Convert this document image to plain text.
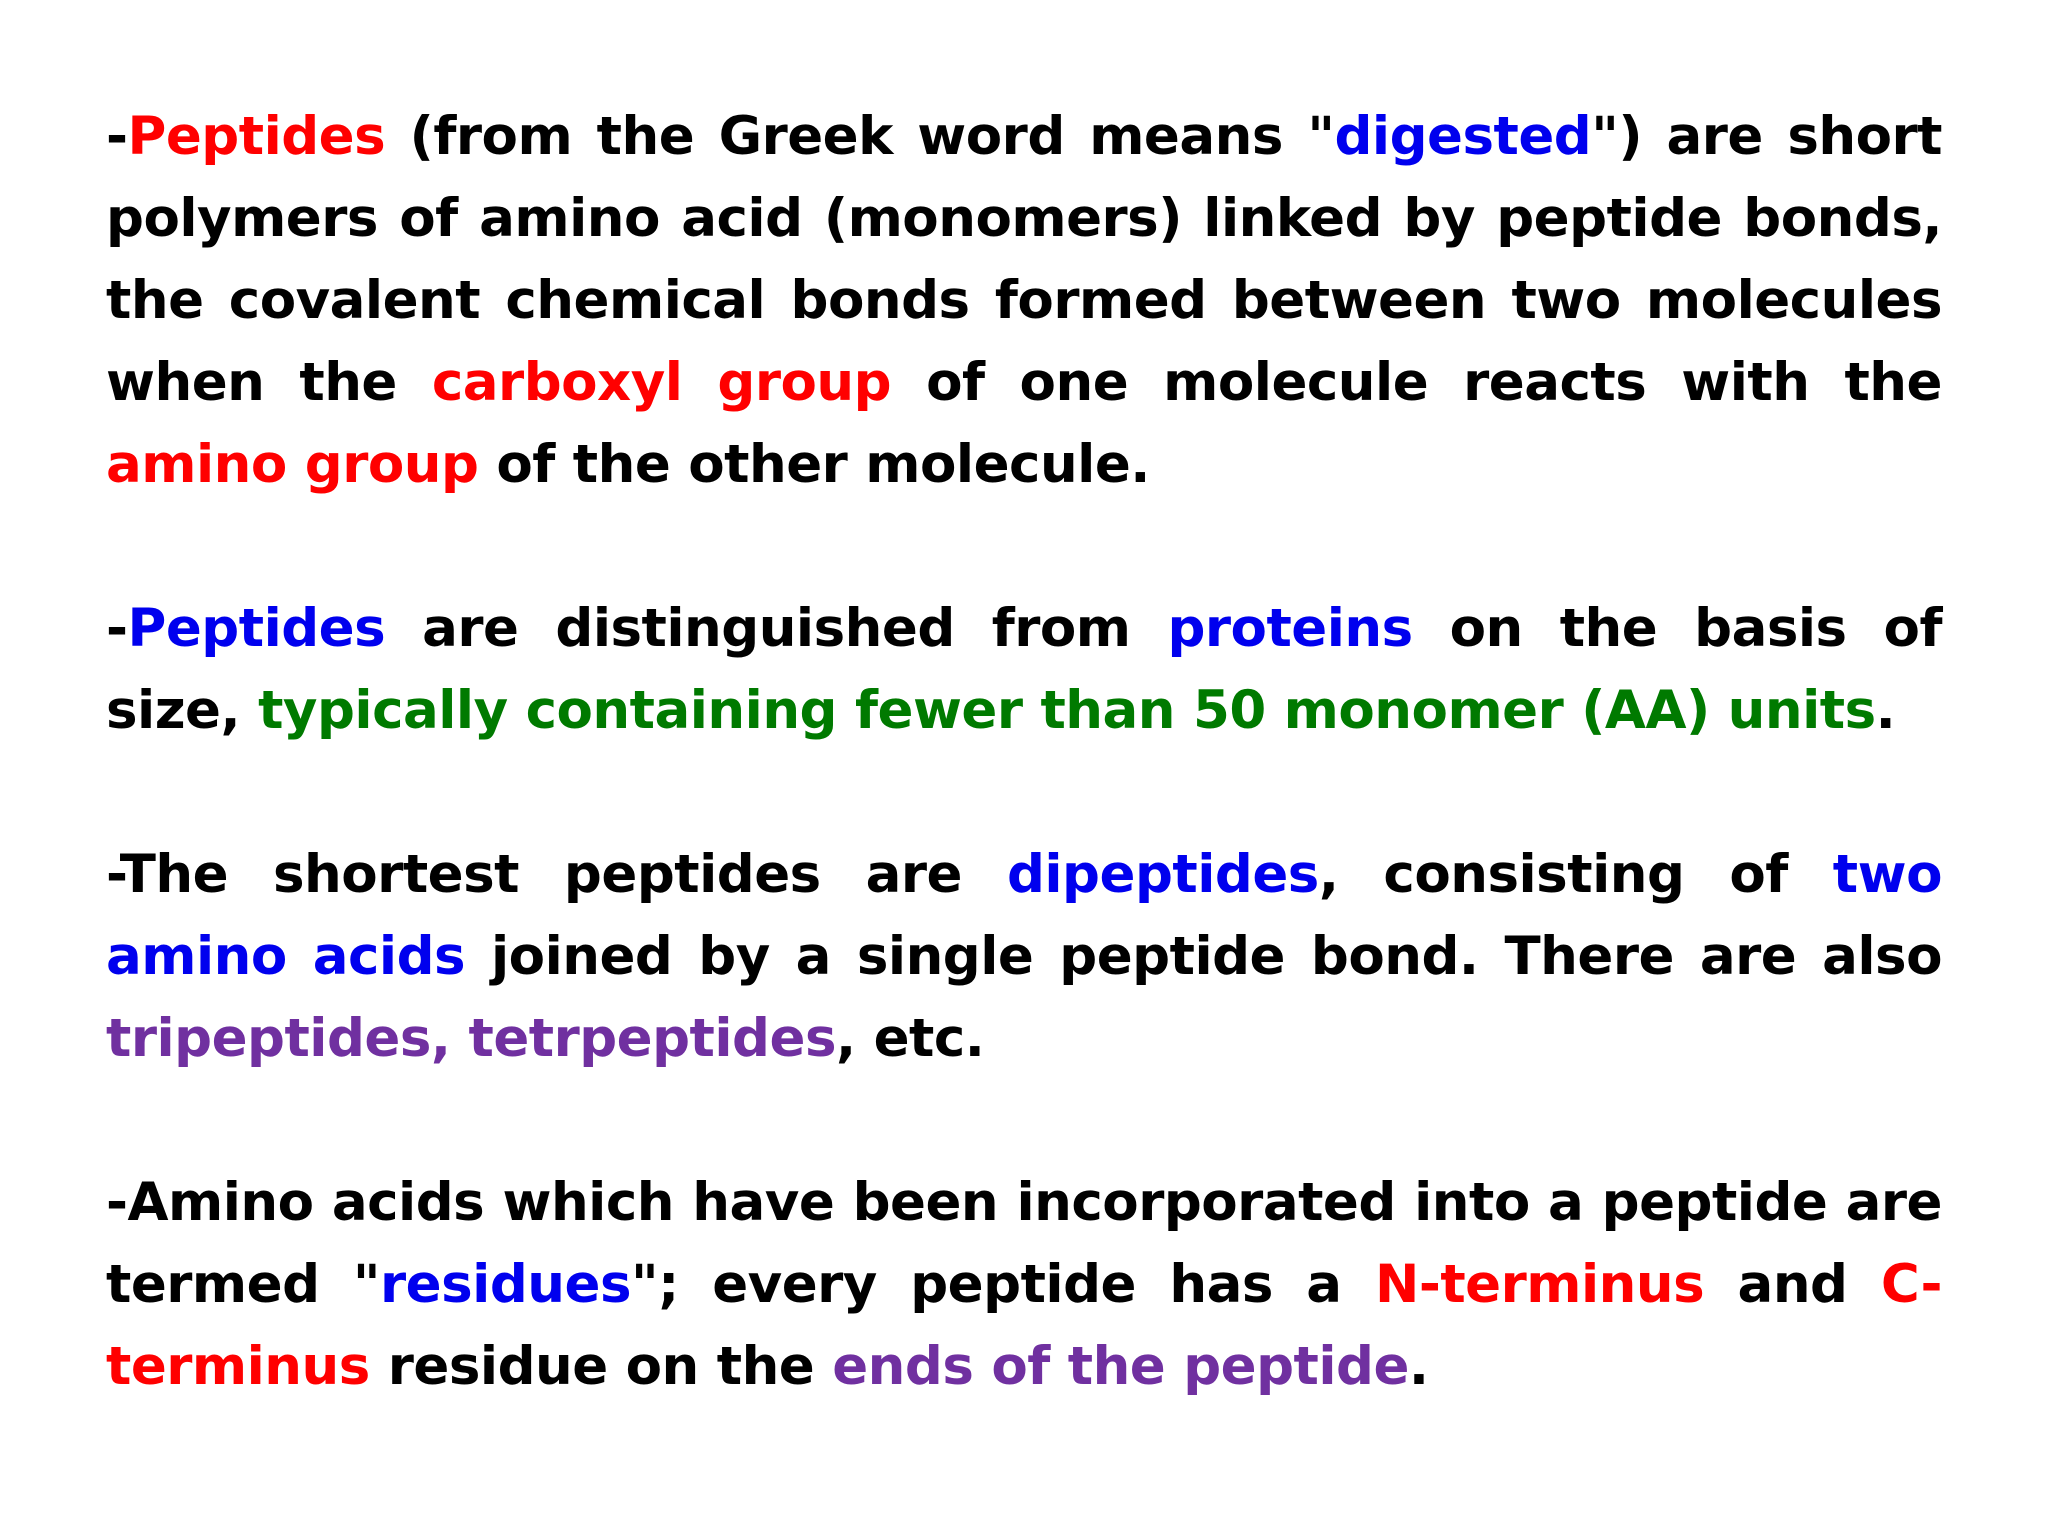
-Peptides (from the Greek word means "digested") are short polymers of amino acid (monomers) linked by peptide bonds, the covalent chemical bonds formed between two molecules when the carboxyl group of one molecule reacts with the amino group of the other molecule.

-Peptides are distinguished from proteins on the basis of size, typically containing fewer than 50 monomer (AA) units.

-The shortest peptides are dipeptides, consisting of two amino acids joined by a single peptide bond. There are also tripeptides, tetrpeptides, etc.

-Amino acids which have been incorporated into a peptide are termed "residues"; every peptide has a N-terminus and C-terminus residue on the ends of the peptide.
